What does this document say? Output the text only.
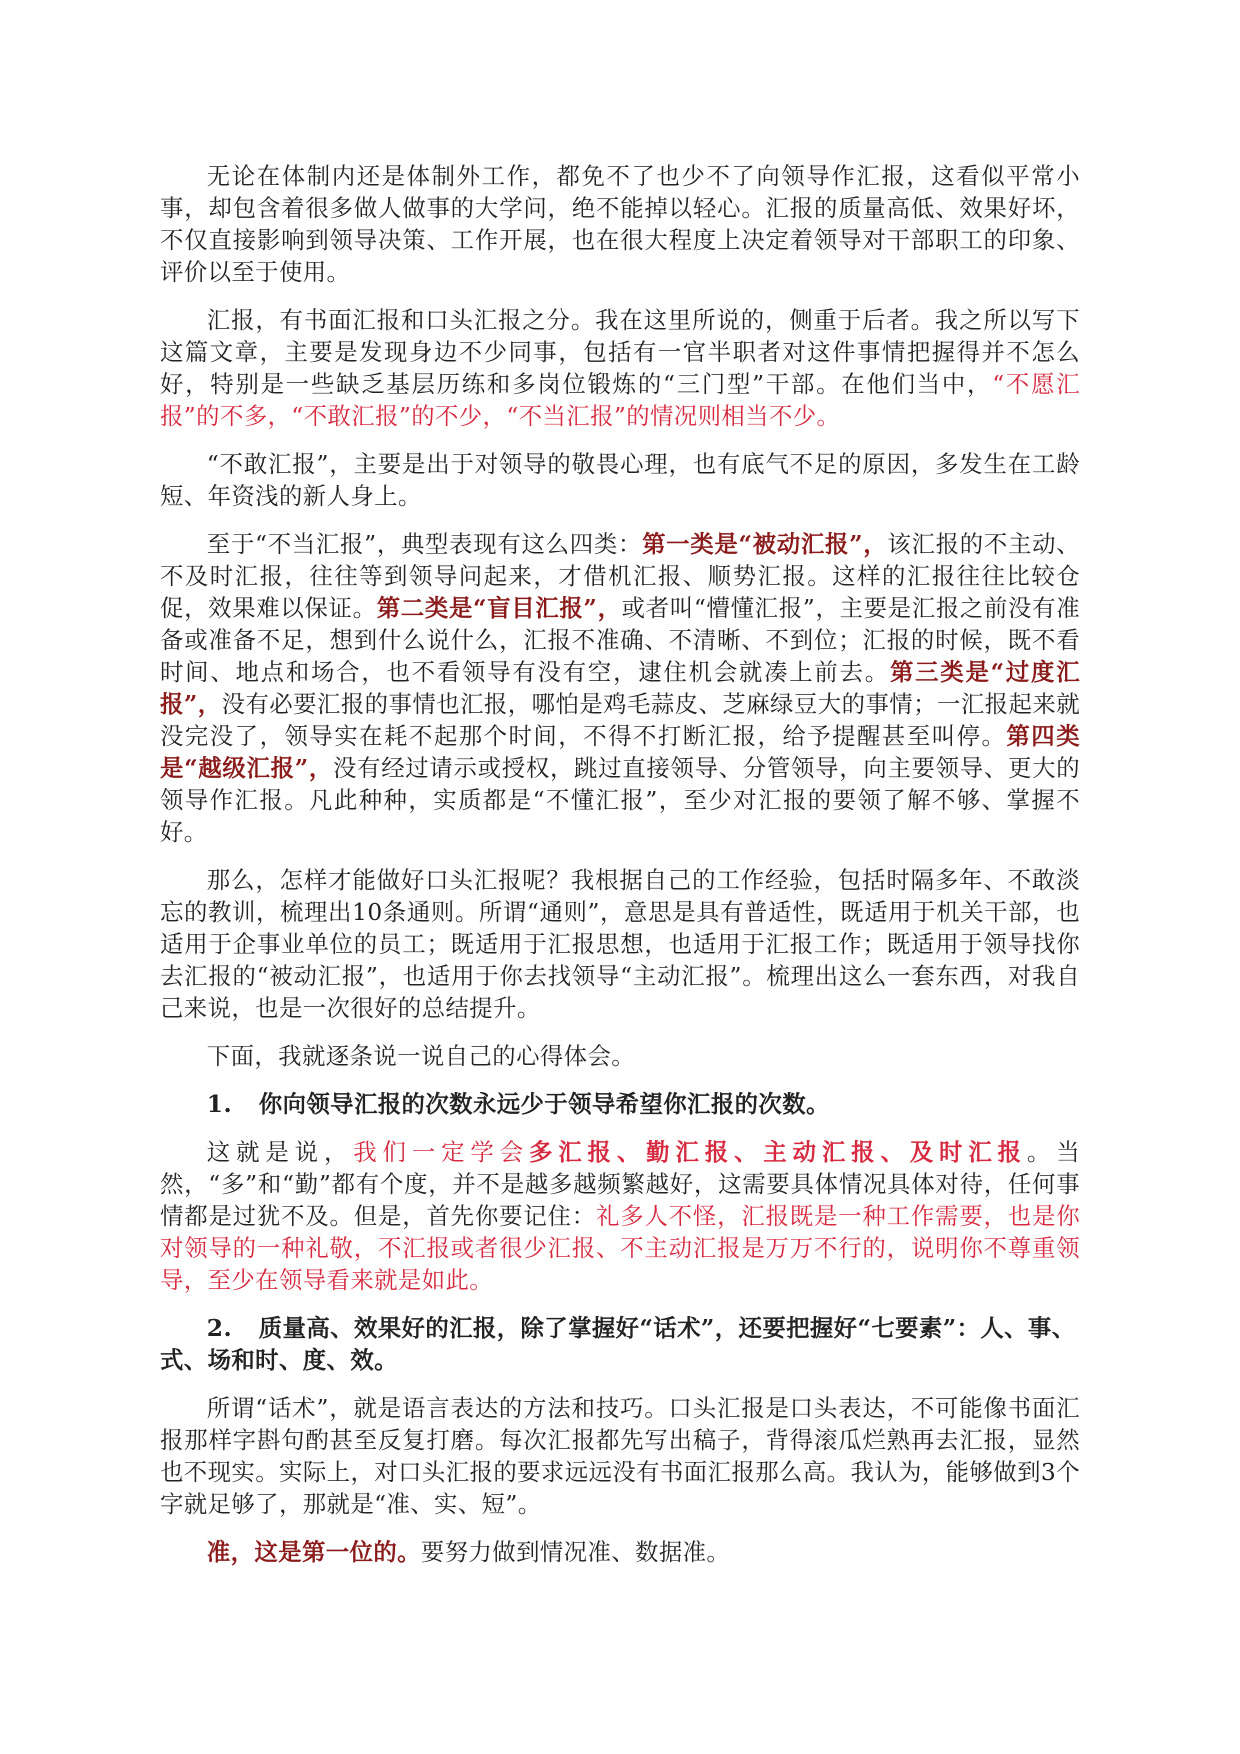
无论在体制内还是体制外工作，都免不了也少不了向领导作汇报，这看似平常小事，却包含着很多做人做事的大学问，绝不能掉以轻心。汇报的质量高低、效果好坏，不仅直接影响到领导决策、工作开展，也在很大程度上决定着领导对干部职工的印象、评价以至于使用。

汇报，有书面汇报和口头汇报之分。我在这里所说的，侧重于后者。我之所以写下这篇文章，主要是发现身边不少同事，包括有一官半职者对这件事情把握得并不怎么好，特别是一些缺乏基层历练和多岗位锻炼的“三门型”干部。在他们当中，“不愿汇报”的不多，“不敢汇报”的不少，“不当汇报”的情况则相当不少。

“不敢汇报”，主要是出于对领导的敬畏心理，也有底气不足的原因，多发生在工龄短、年资浅的新人身上。

至于“不当汇报”，典型表现有这么四类：第一类是“被动汇报”，该汇报的不主动、不及时汇报，往往等到领导问起来，才借机汇报、顺势汇报。这样的汇报往往比较仓促，效果难以保证。第二类是“盲目汇报”，或者叫“懵懂汇报”，主要是汇报之前没有准备或准备不足，想到什么说什么，汇报不准确、不清晰、不到位；汇报的时候，既不看时间、地点和场合，也不看领导有没有空，逮住机会就凑上前去。第三类是“过度汇报”，没有必要汇报的事情也汇报，哪怕是鸡毛蒜皮、芝麻绿豆大的事情；一汇报起来就没完没了，领导实在耗不起那个时间，不得不打断汇报，给予提醒甚至叫停。第四类是“越级汇报”，没有经过请示或授权，跳过直接领导、分管领导，向主要领导、更大的领导作汇报。凡此种种，实质都是“不懂汇报”，至少对汇报的要领了解不够、掌握不好。

那么，怎样才能做好口头汇报呢？我根据自己的工作经验，包括时隔多年、不敢淡忘的教训，梳理出10条通则。所谓“通则”，意思是具有普适性，既适用于机关干部，也适用于企事业单位的员工；既适用于汇报思想，也适用于汇报工作；既适用于领导找你去汇报的“被动汇报”，也适用于你去找领导“主动汇报”。梳理出这么一套东西，对我自己来说，也是一次很好的总结提升。

下面，我就逐条说一说自己的心得体会。

1. 你向领导汇报的次数永远少于领导希望你汇报的次数。

这就是说，我们一定学会多汇报、勤汇报、主动汇报、及时汇报。当然，“多”和“勤”都有个度，并不是越多越频繁越好，这需要具体情况具体对待，任何事情都是过犹不及。但是，首先你要记住：礼多人不怪，汇报既是一种工作需要，也是你对领导的一种礼敬，不汇报或者很少汇报、不主动汇报是万万不行的，说明你不尊重领导，至少在领导看来就是如此。

2. 质量高、效果好的汇报，除了掌握好“话术”，还要把握好“七要素”：人、事、式、场和时、度、效。

所谓“话术”，就是语言表达的方法和技巧。口头汇报是口头表达，不可能像书面汇报那样字斟句酌甚至反复打磨。每次汇报都先写出稿子，背得滚瓜烂熟再去汇报，显然也不现实。实际上，对口头汇报的要求远远没有书面汇报那么高。我认为，能够做到3个字就足够了，那就是“准、实、短”。

准，这是第一位的。要努力做到情况准、数据准。
